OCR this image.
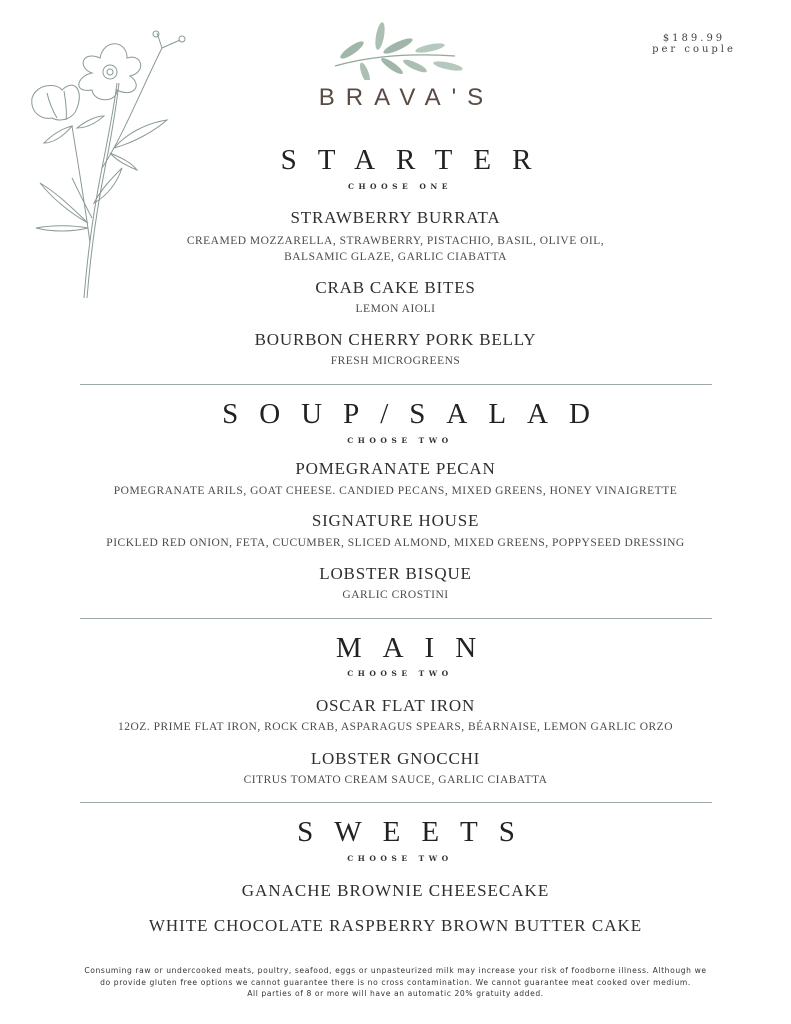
BRAVA'S
$189.99
per couple
STARTER
CHOOSE ONE
STRAWBERRY BURRATA
CREAMED MOZZARELLA, STRAWBERRY, PISTACHIO, BASIL, OLIVE OIL,
BALSAMIC GLAZE, GARLIC CIABATTA
CRAB CAKE BITES
LEMON AIOLI
BOURBON CHERRY PORK BELLY
FRESH MICROGREENS
SOUP/SALAD
CHOOSE TWO
POMEGRANATE PECAN
POMEGRANATE ARILS, GOAT CHEESE. CANDIED PECANS, MIXED GREENS, HONEY VINAIGRETTE
SIGNATURE HOUSE
PICKLED RED ONION, FETA, CUCUMBER, SLICED ALMOND, MIXED GREENS, POPPYSEED DRESSING
LOBSTER BISQUE
GARLIC CROSTINI
MAIN
CHOOSE TWO
OSCAR FLAT IRON
12OZ. PRIME FLAT IRON, ROCK CRAB, ASPARAGUS SPEARS, BÉARNAISE, LEMON GARLIC ORZO
LOBSTER GNOCCHI
CITRUS TOMATO CREAM SAUCE, GARLIC CIABATTA
SWEETS
CHOOSE TWO
GANACHE BROWNIE CHEESECAKE
WHITE CHOCOLATE RASPBERRY BROWN BUTTER CAKE
Consuming raw or undercooked meats, poultry, seafood, eggs or unpasteurized milk may increase your risk of foodborne illness. Although we
do provide gluten free options we cannot guarantee there is no cross contamination. We cannot guarantee meat cooked over medium.
All parties of 8 or more will have an automatic 20% gratuity added.
